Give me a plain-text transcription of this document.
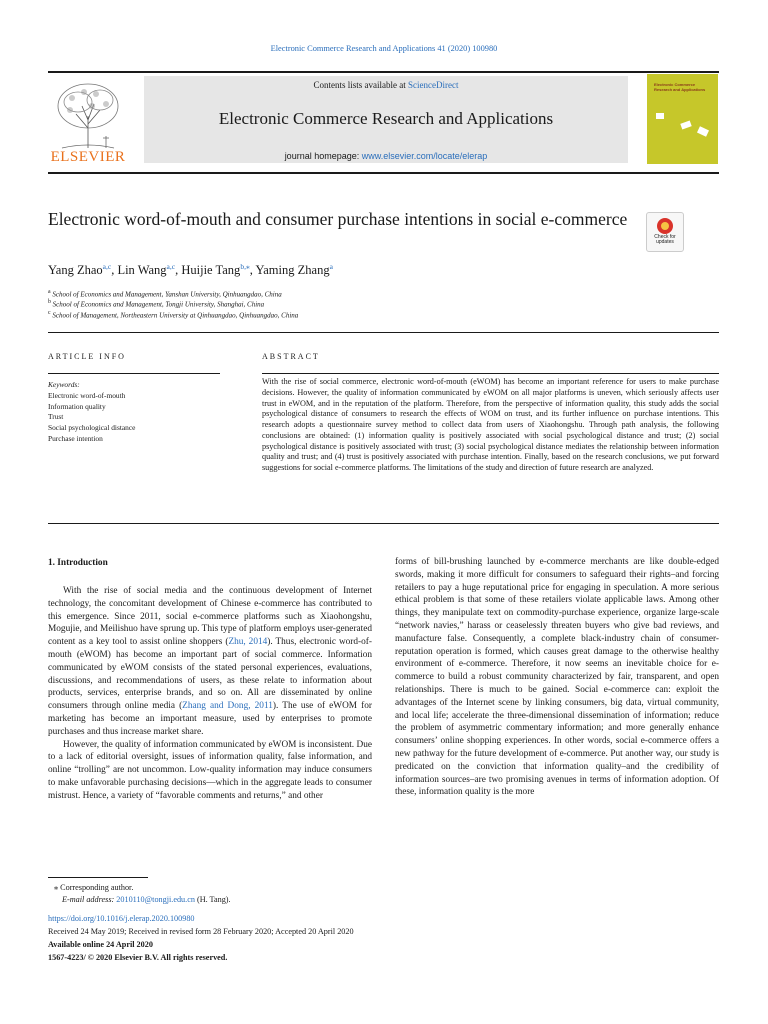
Electronic Commerce Research and Applications 41 (2020) 100980
ELSEVIER
Contents lists available at ScienceDirect
Electronic Commerce Research and Applications
journal homepage: www.elsevier.com/locate/elerap
Electronic Commerce
Research and Applications
Electronic word-of-mouth and consumer purchase intentions in social e-commerce
Check for
updates
Yang Zhao$^{a,c}$, Lin Wang$^{a,c}$, Huijie Tang$^{b,⁎}$, Yaming Zhang$^a$
$^a$ School of Economics and Management, Yanshan University, Qinhuangdao, China
$^b$ School of Economics and Management, Tongji University, Shanghai, China
$^c$ School of Management, Northeastern University at Qinhuangdao, Qinhuangdao, China
ARTICLE INFO	ABSTRACT
Keywords:
Electronic word-of-mouth
Information quality
Trust
Social psychological distance
Purchase intention
With the rise of social commerce, electronic word-of-mouth (eWOM) has become an important reference for users to make purchase decisions. However, the quality of information communicated by eWOM on all major platforms is uneven, which seriously affects user trust in eWOM, and in the reputation of the platform. Therefore, from the perspective of information quality, this study adds the social psychological distance of consumers to research the effects of WOM on trust, and its further influence on purchase intentions. This research adopts a questionnaire survey method to collect data from users of Xiaohongshu. Through path analysis, the following conclusions are obtained: (1) information quality is positively associated with social psychological distance and trust; (2) social psychological distance is positively associated with trust; (3) social psychological distance mediates the relationship between information quality and trust; and (4) trust is positively associated with purchase intention. Finally, based on the research conclusions, we put forward suggestions for social e-commerce platforms. The limitations of the study and direction of future research are analyzed.
1. Introduction

With the rise of social media and the continuous development of Internet technology, the concomitant development of Chinese e-commerce has contributed to this emergence. Since 2011, social e-commerce platforms such as Xiaohongshu, Mogujie, and Meilishuo have sprung up. This type of platform employs user-generated content as a key tool to assist online shoppers (Zhu, 2014). Thus, electronic word-of-mouth (eWOM) has become an important part of social commerce. Information communicated by eWOM consists of the stated personal experiences, evaluations, discussions, and recommendations of users, as these relate to information about products, services, enterprise brands, and so on. All are disseminated by online consumers through online media (Zhang and Dong, 2011). The use of eWOM for marketing has become an important measure, used by enterprises to promote purchases and thus increase market share.

However, the quality of information communicated by eWOM is inconsistent. Due to a lack of editorial oversight, issues of information quality, false information, and online “trolling” are not uncommon. Low-quality information may induce consumers to make unfavorable purchasing decisions—which in the aggregate leads to consumer mistrust. Hence, a variety of “favorable comments and returns,” and other

forms of bill-brushing launched by e-commerce merchants are like double-edged swords, making it more difficult for consumers to safeguard their rights–and forcing retailers to pay a huge reputational price for engaging in speculation. A more serious ethical problem is that some of these retailers violate applicable laws. Among other things, they manipulate text on commodity-purchase experience, organize large-scale “network navies,” harass or ceaselessly threaten buyers who give bad reviews, and manufacture false. Consequently, a complete black-industry chain of consumer-reputation operation is formed, which causes great damage to the otherwise healthy environment of e-commerce. Therefore, it now seems an inevitable choice for e-commerce to build a robust community characterized by fair, transparent, and open relationships. There is much to be gained. Social e-commerce can: exploit the advantages of the Internet scene by linking consumers, big data, virtual community, and local life; accelerate the three-dimensional dissemination of information; reduce the problem of asymmetric commentary information; and more generally enhance consumers’ online shopping experiences. In other words, social e-commerce offers a new pathway for the future development of e-commerce. Put another way, our study is predicated on the conviction that information quality–and the credibility of information sources–are two promising avenues in terms of information adoption. Of these, information quality is the more

⁎ Corresponding author.
E-mail address: 2010110@tongji.edu.cn (H. Tang).
https://doi.org/10.1016/j.elerap.2020.100980
Received 24 May 2019; Received in revised form 28 February 2020; Accepted 20 April 2020
Available online 24 April 2020
1567-4223/ © 2020 Elsevier B.V. All rights reserved.
